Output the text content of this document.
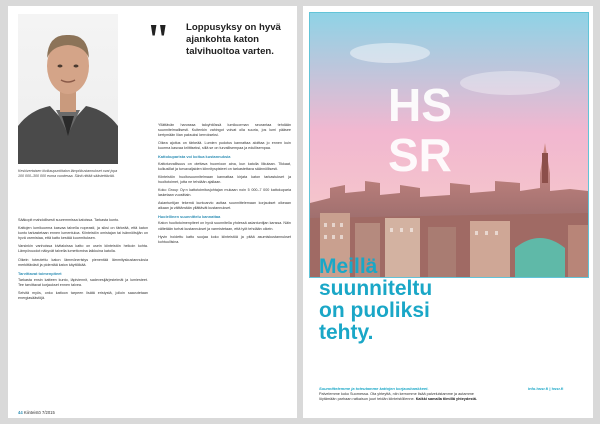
Keskivertaisen kivikaupunkitalon lämpökustannukset ovat jopa 100 000–300 000 euroa vuodessa. Siinä riittää säästettävää.
" Loppusyksy on hyvä ajankohta katon talvihuoltoa varten.

Sääkopit mahdollisesti suuremmissa katoissa. Tarkasta kunto.

Kattojen lumikuorma kasvaa talvella nopeasti, ja siksi on tärkeää, että katon kunto tarkastetaan ennen lumentuloa. Kiinteistön omistajan tai isännöitsijän on hyvä varmistaa, että katto kestää kuormituksen.

Varsinkin vanhoissa kivitaloissa katto on usein kiinteistön heikoin kohta. Lämpövuodot näkyvät talvella lumettomina laikkuina katolla.

Oikein toteutettu katon lämmöneristys pienentää lämmityskustannuksia merkittävästi ja pidentää katon käyttöikää.

Tarvittavat toimenpiteet

Tarkasta ensin katteen kunto, läpiviennit, sadevesijärjestelmät ja lumiesteet. Tee tarvittavat korjaukset ennen talvea.

Selvitä myös, onko kattoon tarpeen lisätä eristystä, jolloin saavutetaan energiasäästöjä.

Yllättävän harvassa taloyhtiössä lumikuorman seurantaa tehdään suunnitelmallisesti. Kuitenkin vahingot voivat olla suuria, jos lumi pääsee kertymään liian paksuksi kerrokseksi.

Oikea ajoitus on tärkeää. Lumien pudotus kannattaa aloittaa jo ennen kuin kuorma kasvaa kriittiseksi, sillä se on turvallisempaa ja edullisempaa.

Kattokuparista voi koitua kustannuksia

Kattoturvallisuus on otettava huomioon aina, kun katolla liikutaan. Tikkaat, kulkusillat ja turvavaljaiden kiinnityspisteet on tarkastettava säännöllisesti.

Kiinteistön huoltosuunnitelmaan kannattaa kirjata katon tarkastukset ja huoltotoimet, jotta ne tehdään ajallaan.

Koko Group Oy:n kattotoimitusjohtajan mukaan noin 5 000–7 000 kattokuparia lasketaan vuosittain.

Asiantuntijan tekemä kuntoarvio auttaa suunnittelemaan korjaukset oikeaan aikaan ja välttämään yllättävät kustannukset.

Huolellinen suunnittelu kannattaa

Katon huoltotoimenpiteet on hyvä suunnitella yhdessä asiantuntijan kanssa. Näin vältetään turhat kustannukset ja varmistetaan, että työt tehdään oikein.

Hyvin hoidettu katto suojaa koko kiinteistöä ja pitää asumiskustannukset kohtuullisina.

44 Kiinteistö 7/2015
HS
SR
Meillä
suunniteltu
on puoliksi
tehty.
Suunnittelemme ja toteutamme kattojen korjaushankkeet.
Palvelemme koko Suomessa. Ota yhteyttä, niin kerromme lisää palveluistamme ja autamme löytämään parhaan ratkaisun juuri teidän kiinteistöllenne. Kaikki samalla tiimillä yhteydestä.
info.hssr.fi | hssr.fi
